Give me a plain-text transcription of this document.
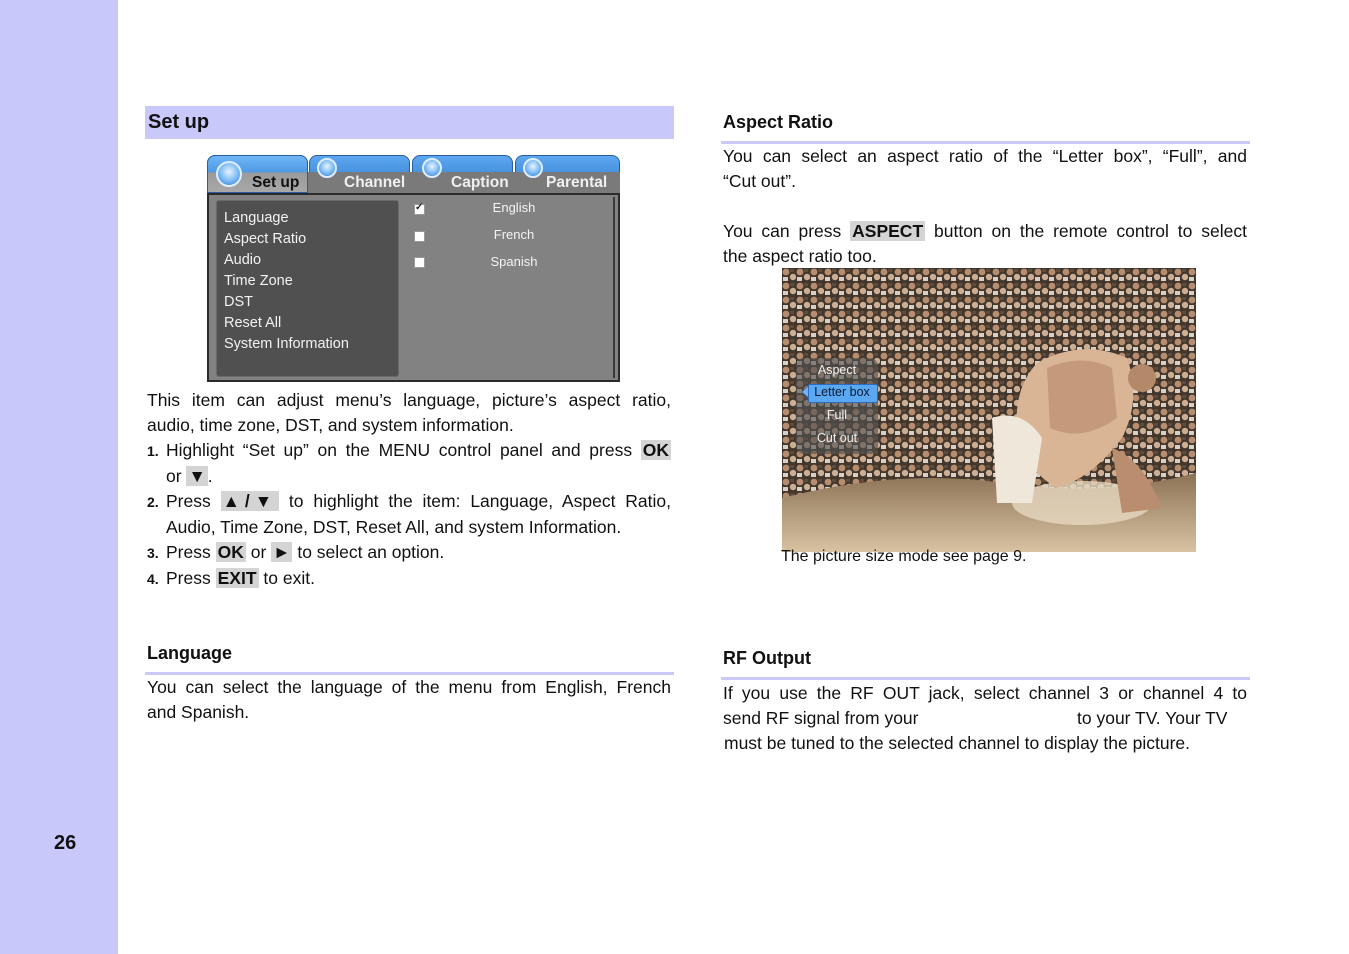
26
Set up
Set up	Channel	Caption Parental
Language
Aspect Ratio
Audio
Time Zone
DST
Reset All
System Information
✓	English
French
Spanish
This item can adjust menu’s language, picture’s aspect ratio,
audio, time zone, DST, and system information.
1. Highlight “Set up” on the MENU control panel and press OK
or ▼ .
2. Press ▲/▼ to highlight the item: Language, Aspect Ratio,
Audio, Time Zone, DST, Reset All, and system Information.
3. Press OK or ► to select an option.
4. Press EXIT to exit.
Language
You can select the language of the menu from English, French
and Spanish.
Aspect Ratio
You can select an aspect ratio of the “Letter box”, “Full”, and
“Cut out”.
You can press ASPECT button on the remote control to select
the aspect ratio too.
Aspect
Letter box
Full
Cut out
The picture size mode see page 9.
RF Output
If you use the RF OUT jack, select channel 3 or channel 4 to
send RF signal from your	to your TV. Your TV
must be tuned to the selected channel to display the picture.
